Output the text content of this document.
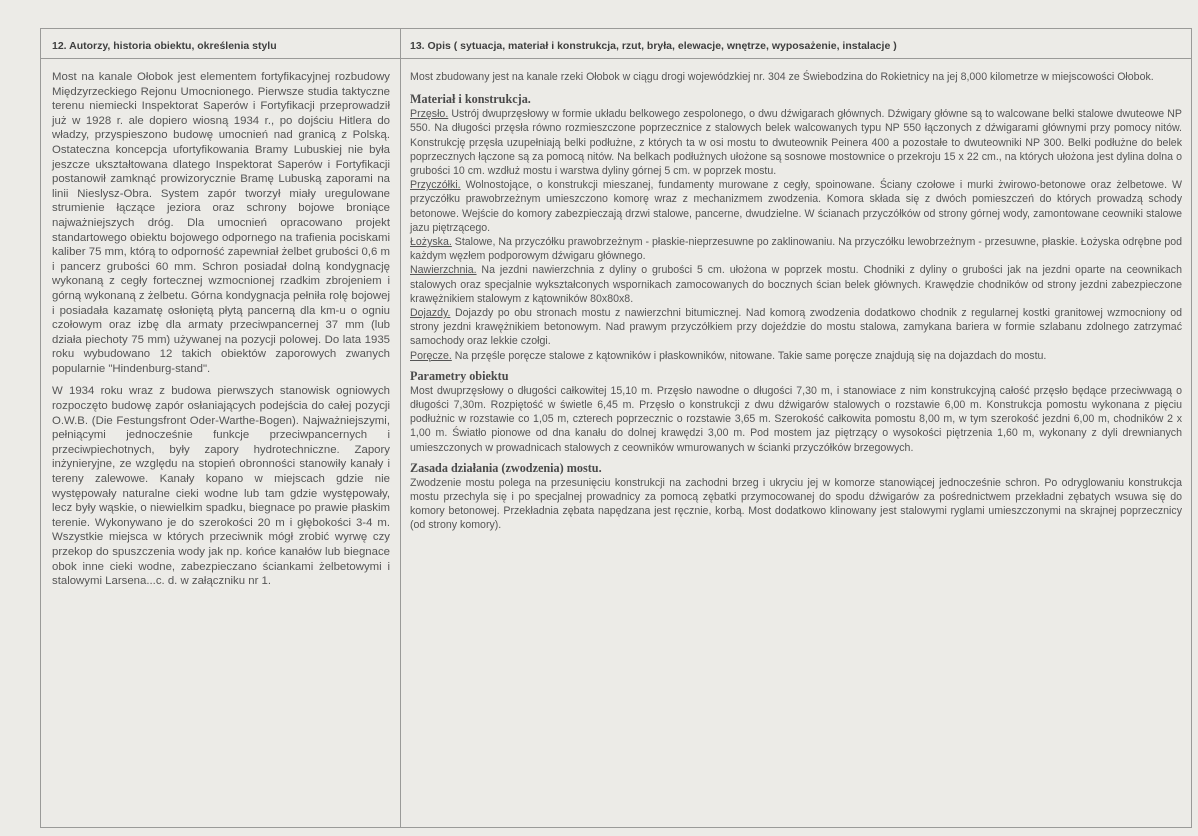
12. Autorzy, historia obiektu, określenia stylu

Most na kanale Ołobok jest elementem fortyfikacyjnej rozbudowy Międzyrzeckiego Rejonu Umocnionego. Pierwsze studia taktyczne terenu niemiecki Inspektorat Saperów i Fortyfikacji przeprowadził już w 1928 r. ale dopiero wiosną 1934 r., po dojściu Hitlera do władzy, przyspieszono budowę umocnień nad granicą z Polską. Ostateczna koncepcja ufortyfikowania Bramy Lubuskiej nie była jeszcze ukształtowana dlatego Inspektorat Saperów i Fortyfikacji postanowił zamknąć prowizorycznie Bramę Lubuską zaporami na linii Nieslysz-Obra. System zapór tworzył miały uregulowane strumienie łączące jeziora oraz schrony bojowe broniące najważniejszych dróg. Dla umocnień opracowano projekt standartowego obiektu bojowego odpornego na trafienia pociskami kaliber 75 mm, którą to odporność zapewniał żelbet grubości 0,6 m i pancerz grubości 60 mm. Schron posiadał dolną kondygnację wykonaną z cegły fortecznej wzmocnionej rzadkim zbrojeniem i górną wykonaną z żelbetu. Górna kondygnacja pełniła rolę bojowej i posiadała kazamatę osłoniętą płytą pancerną dla km-u o ogniu czołowym oraz izbę dla armaty przeciwpancernej 37 mm (lub działa piechoty 75 mm) używanej na pozycji polowej. Do lata 1935 roku wybudowano 12 takich obiektów zaporowych zwanych popularnie "Hindenburg-stand".

W 1934 roku wraz z budowa pierwszych stanowisk ogniowych rozpoczęto budowę zapór osłaniających podejścia do całej pozycji O.W.B. (Die Festungsfront Oder-Warthe-Bogen). Najważniejszymi, pełniącymi jednocześnie funkcje przeciwpancernych i przeciwpiechotnych, były zapory hydrotechniczne. Zapory inżynieryjne, ze względu na stopień obronności stanowiły kanały i tereny zalewowe. Kanały kopano w miejscach gdzie nie występowały naturalne cieki wodne lub tam gdzie występowały, lecz były wąskie, o niewielkim spadku, biegnace po prawie płaskim terenie. Wykonywano je do szerokości 20 m i głębokości 3-4 m. Wszystkie miejsca w których przeciwnik mógł zrobić wyrwę czy przekop do spuszczenia wody jak np. końce kanałów lub biegnace obok inne cieki wodne, zabezpieczano ściankami żelbetowymi i stalowymi Larsena...c. d. w załączniku nr 1.

13. Opis ( sytuacja, materiał i konstrukcja, rzut, bryła, elewacje, wnętrze, wyposażenie, instalacje )

Most zbudowany jest na kanale rzeki Ołobok w ciągu drogi wojewódzkiej nr. 304 ze Świebodzina do Rokietnicy na jej 8,000 kilometrze w miejscowości Ołobok.

Materiał i konstrukcja.

Przęsło. Ustrój dwuprzęsłowy w formie układu belkowego zespolonego, o dwu dźwigarach głównych. Dźwigary główne są to walcowane belki stalowe dwuteowe NP 550. Na długości przęsła równo rozmieszczone poprzecznice z stalowych belek walcowanych typu NP 550 łączonych z dźwigarami głównymi przy pomocy nitów. Konstrukcję przęsła uzupełniają belki podłużne, z których ta w osi mostu to dwuteownik Peinera 400 a pozostałe to dwuteowniki NP 300. Belki podłużne do belek poprzecznych łączone są za pomocą nitów. Na belkach podłużnych ułożone są sosnowe mostownice o przekroju 15 x 22 cm., na których ułożona jest dylina dolna o grubości 10 cm. wzdłuż mostu i warstwa dyliny górnej 5 cm. w poprzek mostu.

Przyczółki. Wolnostojące, o konstrukcji mieszanej, fundamenty murowane z cegły, spoinowane. Ściany czołowe i murki żwirowo-betonowe oraz żelbetowe. W przyczółku prawobrzeżnym umieszczono komorę wraz z mechanizmem zwodzenia. Komora składa się z dwóch pomieszczeń do których prowadzą schody betonowe. Wejście do komory zabezpieczają drzwi stalowe, pancerne, dwudzielne. W ścianach przyczółków od strony górnej wody, zamontowane ceowniki stalowe jazu piętrzącego.

Łożyska. Stalowe, Na przyczółku prawobrzeżnym - płaskie-nieprzesuwne po zaklinowaniu. Na przyczółku lewobrzeżnym - przesuwne, płaskie. Łożyska odrębne pod każdym węzłem podporowym dźwigaru głównego.

Nawierzchnia. Na jezdni nawierzchnia z dyliny o grubości 5 cm. ułożona w poprzek mostu. Chodniki z dyliny o grubości jak na jezdni oparte na ceownikach stalowych oraz specjalnie wykształconych wspornikach zamocowanych do bocznych ścian belek głównych. Krawędzie chodników od strony jezdni zabezpieczone krawężnikiem stalowym z kątowników 80x80x8.

Dojazdy. Dojazdy po obu stronach mostu z nawierzchni bitumicznej. Nad komorą zwodzenia dodatkowo chodnik z regularnej kostki granitowej wzmocniony od strony jezdni krawężnikiem betonowym. Nad prawym przyczółkiem przy dojeździe do mostu stalowa, zamykana bariera w formie szlabanu zdolnego zatrzymać samochody oraz lekkie czołgi.

Poręcze. Na przęśle poręcze stalowe z kątowników i płaskowników, nitowane. Takie same poręcze znajdują się na dojazdach do mostu.

Parametry obiektu

Most dwuprzęsłowy o długości całkowitej 15,10 m. Przęsło nawodne o długości 7,30 m, i stanowiace z nim konstrukcyjną całość przęsło będące przeciwwagą o długości 7,30m. Rozpiętość w świetle 6,45 m. Przęsło o konstrukcji z dwu dźwigarów stalowych o rozstawie 6,00 m. Konstrukcja pomostu wykonana z pięciu podłużnic w rozstawie co 1,05 m, czterech poprzecznic o rozstawie 3,65 m. Szerokość całkowita pomostu 8,00 m, w tym szerokość jezdni 6,00 m, chodników 2 x 1,00 m. Światło pionowe od dna kanału do dolnej krawędzi 3,00 m. Pod mostem jaz piętrzący o wysokości piętrzenia 1,60 m, wykonany z dyli drewnianych umieszczonych w prowadnicach stalowych z ceowników wmurowanych w ściankі przyczółków brzegowych.

Zasada działania (zwodzenia) mostu.

Zwodzenie mostu polega na przesunięciu konstrukcji na zachodni brzeg i ukryciu jej w komorze stanowiącej jednocześnie schron. Po odryglowaniu konstrukcja mostu przechyla się i po specjalnej prowadnicy za pomocą zębatki przymocowanej do spodu dźwigarów za pośrednictwem przekładni zębatych wsuwa się do komory betonowej. Przekładnia zębata napędzana jest ręcznie, korbą. Most dodatkowo klinowany jest stalowymi ryglami umieszczonymi na skrajnej poprzecznicy (od strony komory).
